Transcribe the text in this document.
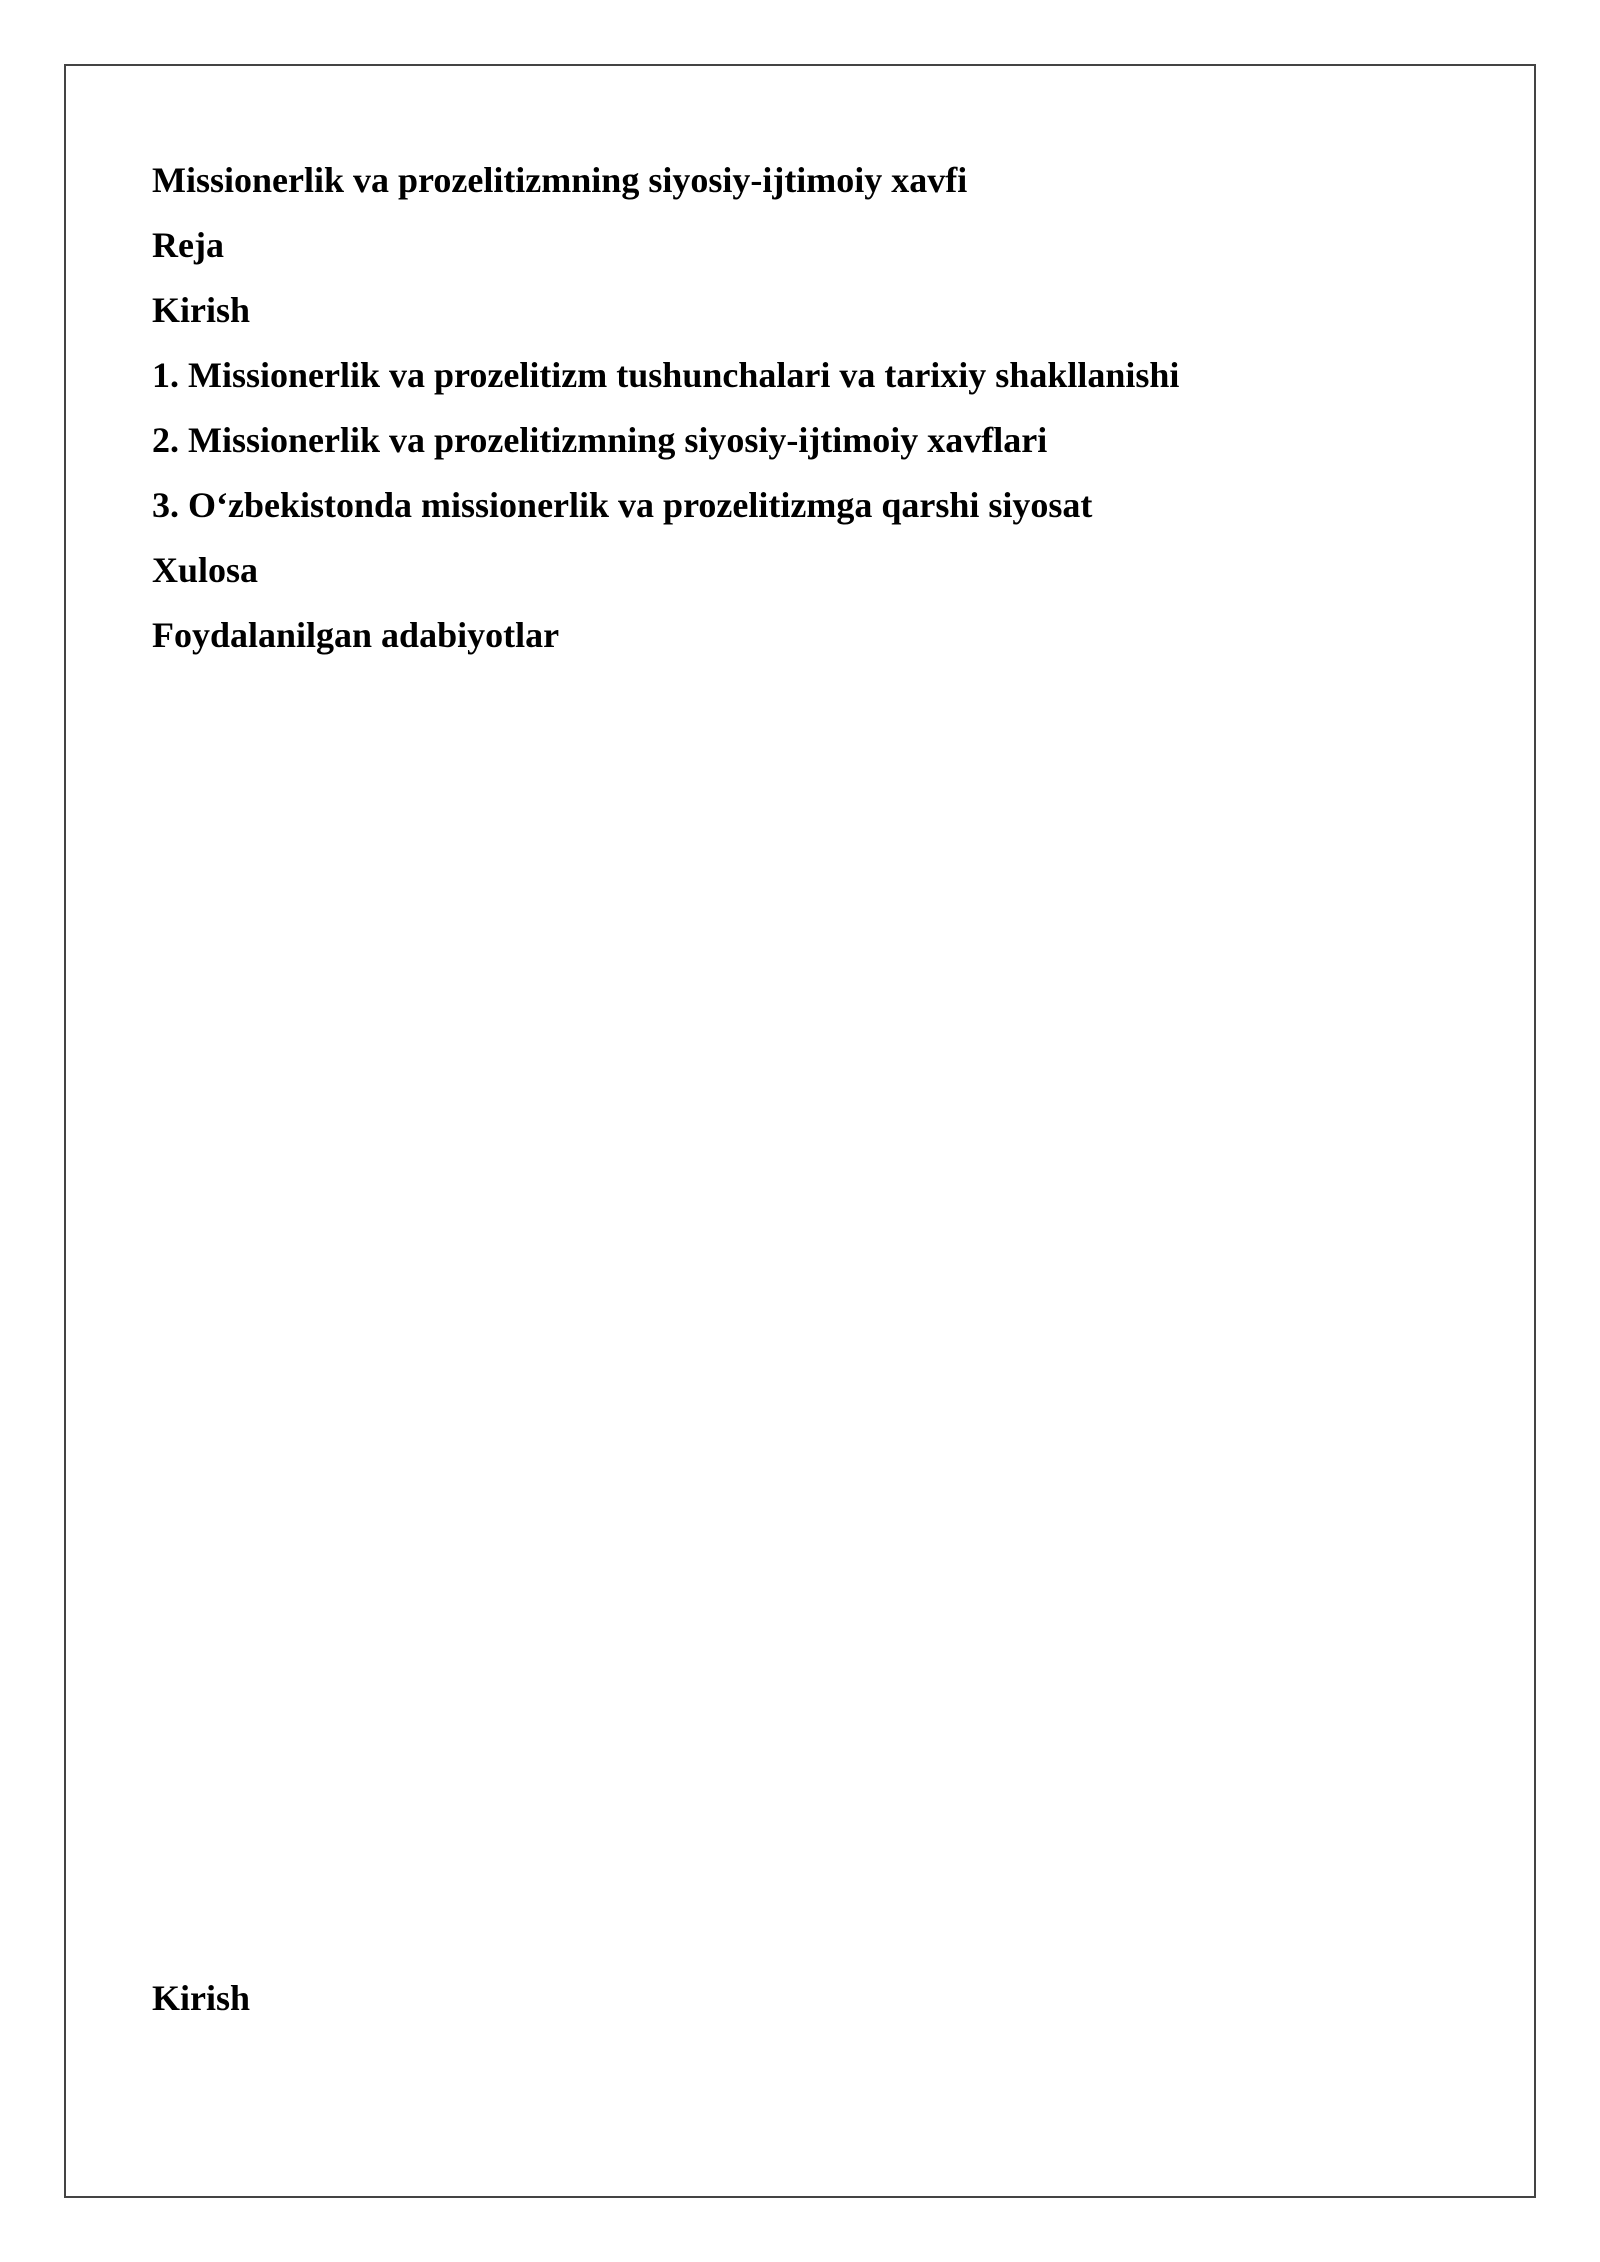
Missionerlik va prozelitizmning siyosiy-ijtimoiy xavfi
Reja
Kirish
1. Missionerlik va prozelitizm tushunchalari va tarixiy shakllanishi
2. Missionerlik va prozelitizmning siyosiy-ijtimoiy xavflari
3. O‘zbekistonda missionerlik va prozelitizmga qarshi siyosat
Xulosa
Foydalanilgan adabiyotlar
Kirish
